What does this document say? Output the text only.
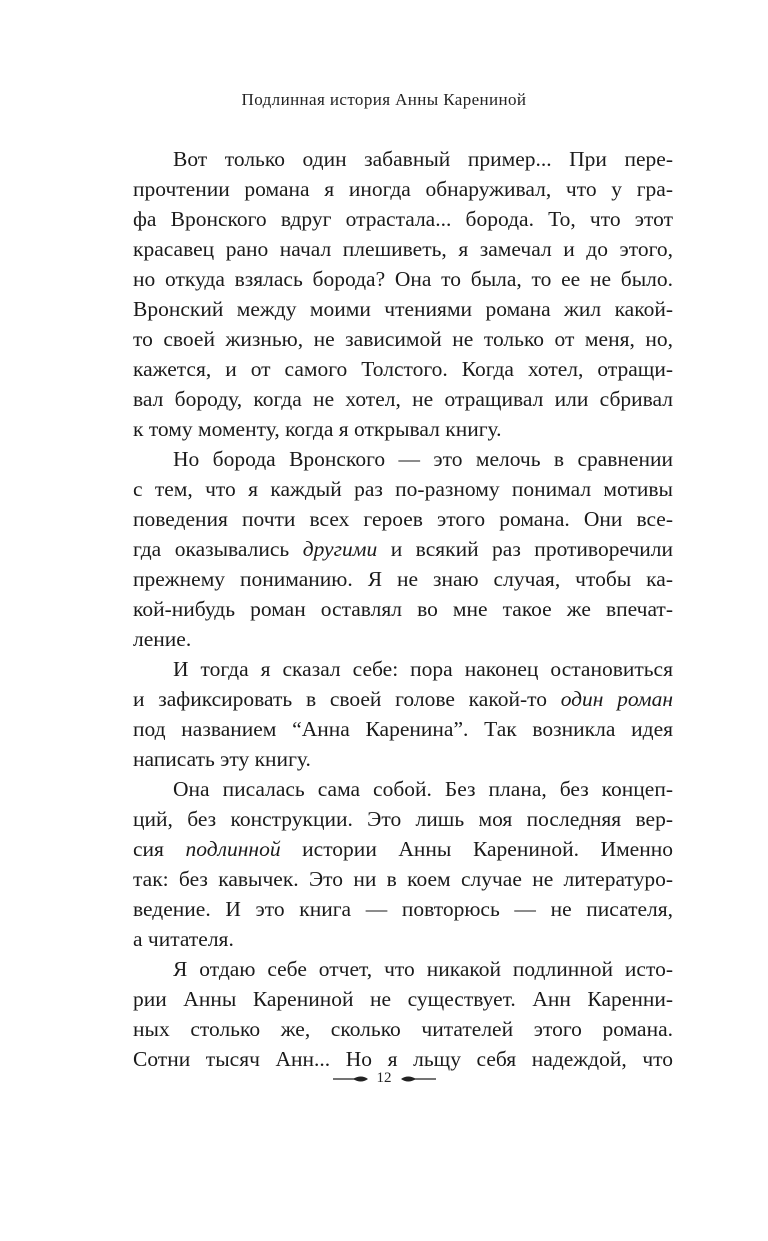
Подлинная история Анны Карениной
Вот только один забавный пример... При пере-
прочтении романа я иногда обнаруживал, что у гра-
фа Вронского вдруг отрастала... борода. То, что этот
красавец рано начал плешиветь, я замечал и до этого,
но откуда взялась борода? Она то была, то ее не было.
Вронский между моими чтениями романа жил какой-
то своей жизнью, не зависимой не только от меня, но,
кажется, и от самого Толстого. Когда хотел, отращи-
вал бороду, когда не хотел, не отращивал или сбривал
к тому моменту, когда я открывал книгу.
Но борода Вронского — это мелочь в сравнении
с тем, что я каждый раз по-разному понимал мотивы
поведения почти всех героев этого романа. Они все-
гда оказывались другими и всякий раз противоречили
прежнему пониманию. Я не знаю случая, чтобы ка-
кой-нибудь роман оставлял во мне такое же впечат-
ление.
И тогда я сказал себе: пора наконец остановиться
и зафиксировать в своей голове какой-то один роман
под названием “Анна Каренина”. Так возникла идея
написать эту книгу.
Она писалась сама собой. Без плана, без концеп-
ций, без конструкции. Это лишь моя последняя вер-
сия подлинной истории Анны Карениной. Именно
так: без кавычек. Это ни в коем случае не литературо-
ведение. И это книга — повторюсь — не писателя,
а читателя.
Я отдаю себе отчет, что никакой подлинной исто-
рии Анны Карениной не существует. Анн Каренни-
ных столько же, сколько читателей этого романа.
Сотни тысяч Анн... Но я льщу себя надеждой, что
12
